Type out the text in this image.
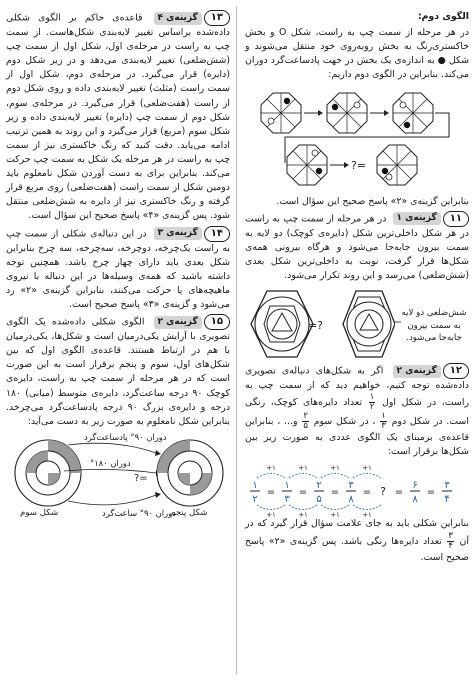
الگوی دوم:

در هر مرحله از سمت چپ به راست، شکل O و بخش خاکستری‌رنگ به بخش روبه‌روی خود منتقل می‌شوند و شکل ● به اندازه‌ی یک بخش در جهت پادساعت‌گرد دوران می‌کند. بنابراین در الگوی دوم داریم:

?=

بنابراین گزینه‌ی «۲» پاسخ صحیح این سؤال است.

۱۱
گزینه‌ی ۱
در هر مرحله از سمت چپ به راست در هر شکل داخلی‌ترین شکل (دایره‌ی کوچک) دو لایه به سمت بیرون جابه‌جا می‌شود و هرگاه بیرونی همه‌ی شکل‌ها قرار گرفت، نوبت به داخلی‌ترین شکل بعدی (شش‌ضلعی) می‌رسد و این روند تکرار می‌شود.

?=
شش‌ضلعی دو لایه به سمت بیرون جابه‌جا می‌شود.

۱۲
گزینه‌ی ۲
اگر به شکل‌های دنباله‌ی تصویری داده‌شده توجه کنیم، خواهیم دید که از سمت چپ به راست، در شکل اول
۱
۲
تعداد دایره‌های کوچک، رنگی است. در شکل دوم
۱
۳
، در شکل سوم
۲
۵
و... ، بنابراین قاعده‌ی برمبنای یک الگوی عددی به صورت زیر بین شکل‌ها برقرار است:

۱
۲
=
+۱
+۱
۱
۳
=
+۱
+۱
۲
۵
=
+۱
+۱
۳
۸
=
+۱
+۱
? =
۶
۸
=
۳
۴

بنابراین شکلی باید به جای علامت سؤال قرار گیرد که در آن
۳
۴
تعداد دایره‌ها رنگی باشد. پس گزینه‌ی «۲» پاسخ صحیح است.

۱۳
گزینه‌ی ۴
قاعده‌ی حاکم بر الگوی شکلی داده‌شده براساس تغییر لایه‌بندی شکل‌هاست. از سمت چپ به راست در مرحله‌ی اول، شکل اول از سمت چپ (شش‌ضلعی) تغییر لایه‌بندی می‌دهد و در زیر شکل دوم (دایره) قرار می‌گیرد. در مرحله‌ی دوم، شکل اول از سمت راست (مثلث) تغییر لایه‌بندی داده و روی شکل دوم از راست (هفت‌ضلعی) قرار می‌گیرد. در مرحله‌ی سوم، شکل دوم از سمت چپ (دایره) تغییر لایه‌بندی داده و زیر شکل سوم (مربع) قرار می‌گیرد و این روند به همین ترتیب ادامه می‌یابد. دقت کنید که رنگ خاکستری نیز از سمت چپ به راست در هر مرحله یک شکل به سمت چپ حرکت می‌کند. بنابراین برای به دست آوردن شکل نامعلوم باید دومین شکل از سمت راست (هفت‌ضلعی) روی مربع قرار گرفته و رنگ خاکستری نیز از دایره به شش‌ضلعی منتقل شود. پس گزینه‌ی «۴» پاسخ صحیح این سؤال است.

۱۴
گزینه‌ی ۳
در این دنباله‌ی شکلی از سمت چپ به راست یک‌چرخه، دوچرخه، سه‌چرخه، سه چرخ بنابراین شکل بعدی باید دارای چهار چرخ باشد. همچنین توجه داشته باشید که همه‌ی وسیله‌ها در این دنباله با نیروی ماهیچه‌های پا حرکت می‌کنند، بنابراین گزینه‌ی «۲» رد می‌شود و گزینه‌ی «۳» پاسخ صحیح است.

۱۵
گزینه‌ی ۲
الگوی شکلی داده‌شده یک الگوی تصویری با آرایش یکی‌درمیان است و شکل‌ها، یکی‌درمیان با هم در ارتباط هستند. قاعده‌ی الگوی اول که بین شکل‌های اول، سوم و پنجم برقرار است به این صورت است که در هر مرحله از سمت چپ به راست، دایره‌ی کوچک ۹۰ درجه ساعت‌گرد، دایره‌ی متوسط (میانی) ۱۸۰ درجه و دایره‌ی بزرگ ۹۰ درجه پادساعت‌گرد می‌چرخد. بنابراین شکل نامعلوم به صورت زیر به دست می‌آید:

?=
دوران ۹۰° پادساعت‌گرد
دوران ۱۸۰°
دوران ۹۰° ساعت‌گرد
شکل سوم	شکل پنجم
